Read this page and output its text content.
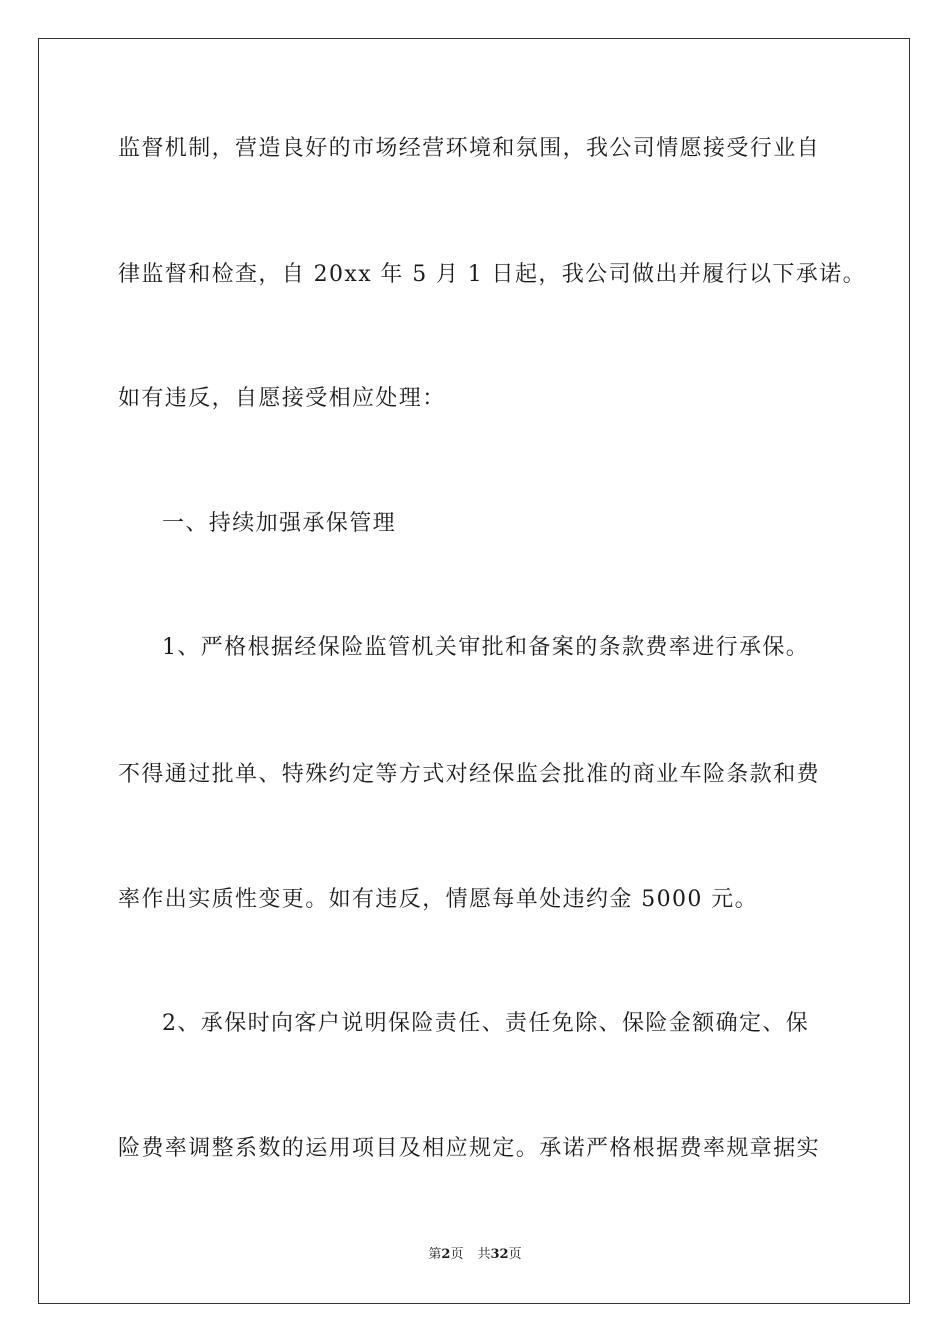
监督机制，营造良好的市场经营环境和氛围，我公司情愿接受行业自
律监督和检查，自 20xx 年 5 月 1 日起，我公司做出并履行以下承诺。
如有违反，自愿接受相应处理：
一、持续加强承保管理
1、严格根据经保险监管机关审批和备案的条款费率进行承保。
不得通过批单、特殊约定等方式对经保监会批准的商业车险条款和费
率作出实质性变更。如有违反，情愿每单处违约金 5000 元。
2、承保时向客户说明保险责任、责任免除、保险金额确定、保
险费率调整系数的运用项目及相应规定。承诺严格根据费率规章据实
第2页 共32页
